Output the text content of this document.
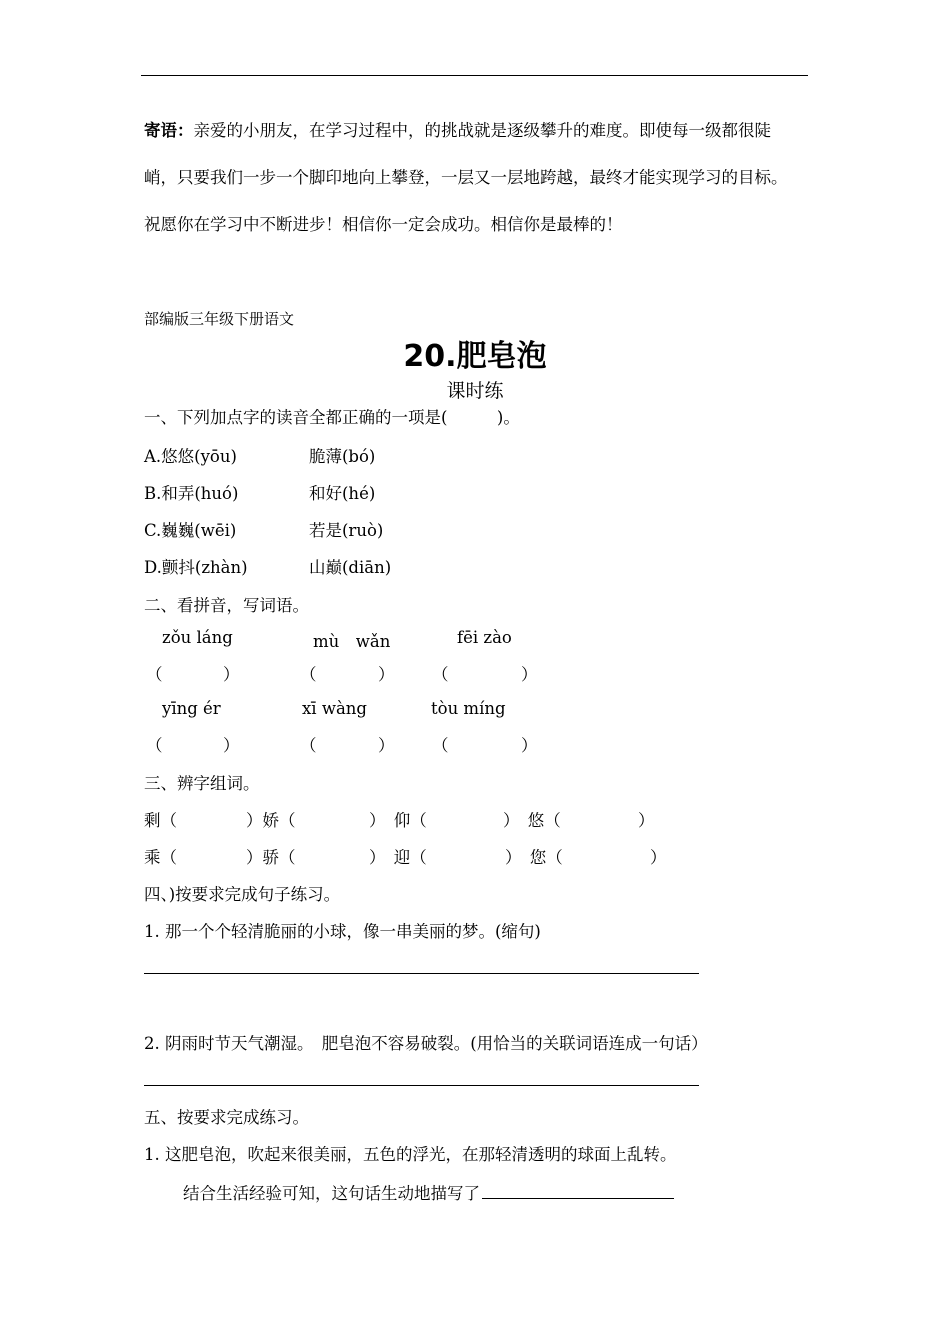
寄语：亲爱的小朋友，在学习过程中，的挑战就是逐级攀升的难度。即使每一级都很陡
峭，只要我们一步一个脚印地向上攀登，一层又一层地跨越，最终才能实现学习的目标。
祝愿你在学习中不断进步！相信你一定会成功。相信你是最棒的！
部编版三年级下册语文
20.肥皂泡
课时练
一、下列加点字的读音全都正确的一项是(　　　)。
A.悠悠(yōu)	脆薄(bó)
B.和弄(huó)	和好(hé)
C.巍巍(wēi)	若是(ruò)
D.颤抖(zhàn)	山巅(diān)
二、看拼音，写词语。
zǒu láng	mù　wǎn	fēi zào
（	）	（	） （	）
yīng ér	xī wàng	tòu míng
（	）	（	） （	）
三、辨字组词。
剩（	）娇（	）　仰（	）　悠（	）
乘（	）骄（	）　迎（	）　您（	）
四、)按要求完成句子练习。
1. 那一个个轻清脆丽的小球，像一串美丽的梦。(缩句)
2. 阴雨时节天气潮湿。　肥皂泡不容易破裂。(用恰当的关联词语连成一句话）
五、按要求完成练习。
1. 这肥皂泡，吹起来很美丽，五色的浮光，在那轻清透明的球面上乱转。
结合生活经验可知，这句话生动地描写了
